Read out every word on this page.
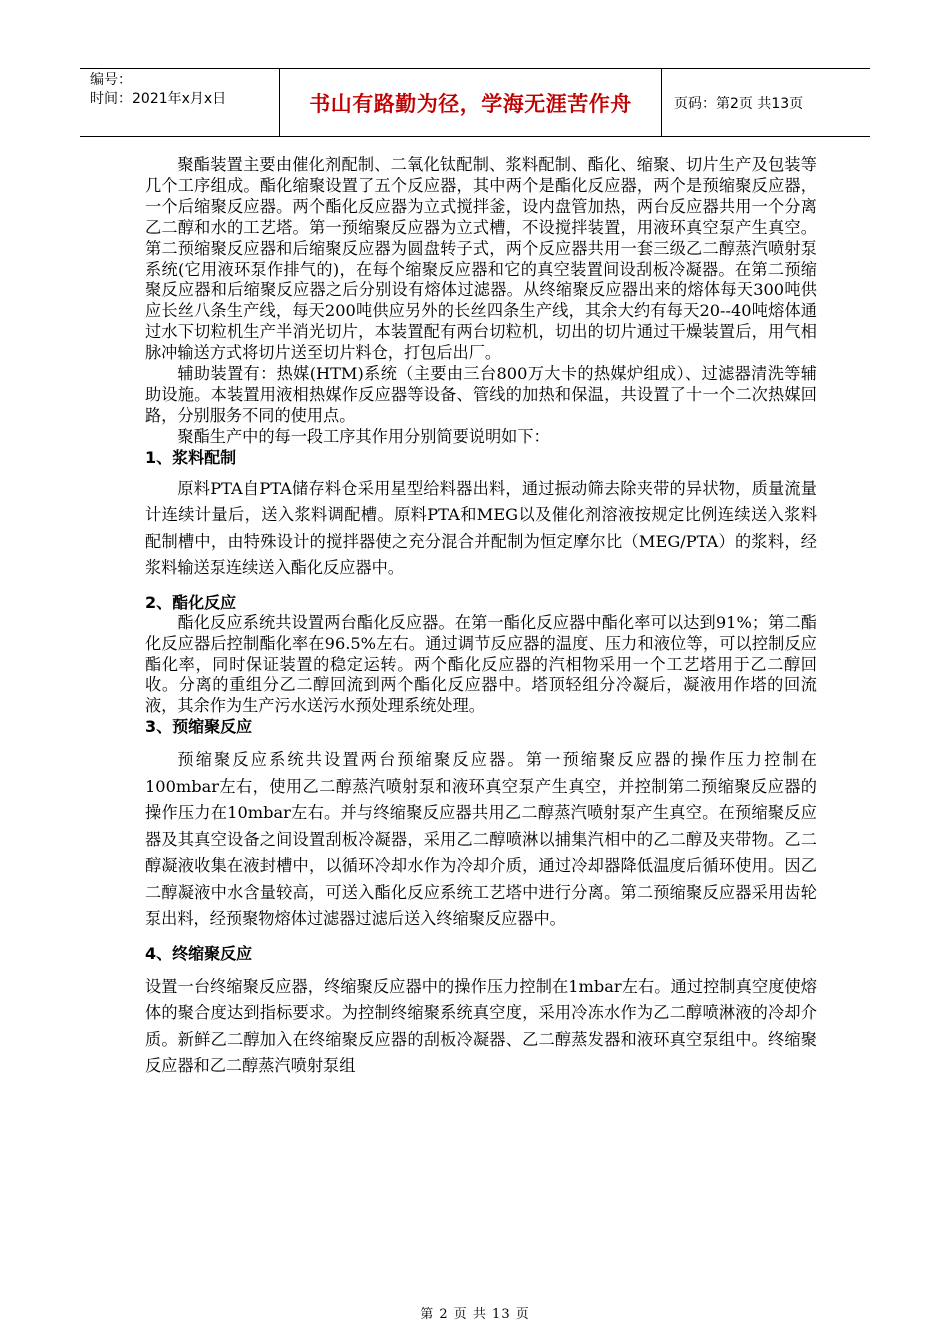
编号：
时间：2021年x月x日	书山有路勤为径，学海无涯苦作舟	页码：第2页 共13页

聚酯装置主要由催化剂配制、二氧化钛配制、浆料配制、酯化、缩聚、切片生产及包装等几个工序组成。酯化缩聚设置了五个反应器，其中两个是酯化反应器，两个是预缩聚反应器，一个后缩聚反应器。两个酯化反应器为立式搅拌釜，设内盘管加热，两台反应器共用一个分离乙二醇和水的工艺塔。第一预缩聚反应器为立式槽，不设搅拌装置，用液环真空泵产生真空。第二预缩聚反应器和后缩聚反应器为圆盘转子式，两个反应器共用一套三级乙二醇蒸汽喷射泵系统(它用液环泵作排气的)，在每个缩聚反应器和它的真空装置间设刮板冷凝器。在第二预缩聚反应器和后缩聚反应器之后分别设有熔体过滤器。从终缩聚反应器出来的熔体每天300吨供应长丝八条生产线，每天200吨供应另外的长丝四条生产线，其余大约有每天20--40吨熔体通过水下切粒机生产半消光切片，本装置配有两台切粒机，切出的切片通过干燥装置后，用气相脉冲输送方式将切片送至切片料仓，打包后出厂。

辅助装置有：热媒(HTM)系统（主要由三台800万大卡的热媒炉组成）、过滤器清洗等辅助设施。本装置用液相热媒作反应器等设备、管线的加热和保温，共设置了十一个二次热媒回路，分别服务不同的使用点。

聚酯生产中的每一段工序其作用分别简要说明如下：

1、浆料配制

原料PTA自PTA储存料仓采用星型给料器出料，通过振动筛去除夹带的异状物，质量流量计连续计量后，送入浆料调配槽。原料PTA和MEG以及催化剂溶液按规定比例连续送入浆料配制槽中，由特殊设计的搅拌器使之充分混合并配制为恒定摩尔比（MEG/PTA）的浆料，经浆料输送泵连续送入酯化反应器中。

2、酯化反应

酯化反应系统共设置两台酯化反应器。在第一酯化反应器中酯化率可以达到91%；第二酯化反应器后控制酯化率在96.5%左右。通过调节反应器的温度、压力和液位等，可以控制反应酯化率，同时保证装置的稳定运转。两个酯化反应器的汽相物采用一个工艺塔用于乙二醇回收。分离的重组分乙二醇回流到两个酯化反应器中。塔顶轻组分冷凝后，凝液用作塔的回流液，其余作为生产污水送污水预处理系统处理。

3、预缩聚反应

预缩聚反应系统共设置两台预缩聚反应器。第一预缩聚反应器的操作压力控制在100mbar左右，使用乙二醇蒸汽喷射泵和液环真空泵产生真空，并控制第二预缩聚反应器的操作压力在10mbar左右。并与终缩聚反应器共用乙二醇蒸汽喷射泵产生真空。在预缩聚反应器及其真空设备之间设置刮板冷凝器，采用乙二醇喷淋以捕集汽相中的乙二醇及夹带物。乙二醇凝液收集在液封槽中，以循环冷却水作为冷却介质，通过冷却器降低温度后循环使用。因乙二醇凝液中水含量较高，可送入酯化反应系统工艺塔中进行分离。第二预缩聚反应器采用齿轮泵出料，经预聚物熔体过滤器过滤后送入终缩聚反应器中。

4、终缩聚反应

设置一台终缩聚反应器，终缩聚反应器中的操作压力控制在1mbar左右。通过控制真空度使熔体的聚合度达到指标要求。为控制终缩聚系统真空度，采用冷冻水作为乙二醇喷淋液的冷却介质。新鲜乙二醇加入在终缩聚反应器的刮板冷凝器、乙二醇蒸发器和液环真空泵组中。终缩聚反应器和乙二醇蒸汽喷射泵组

第 2 页 共 13 页
